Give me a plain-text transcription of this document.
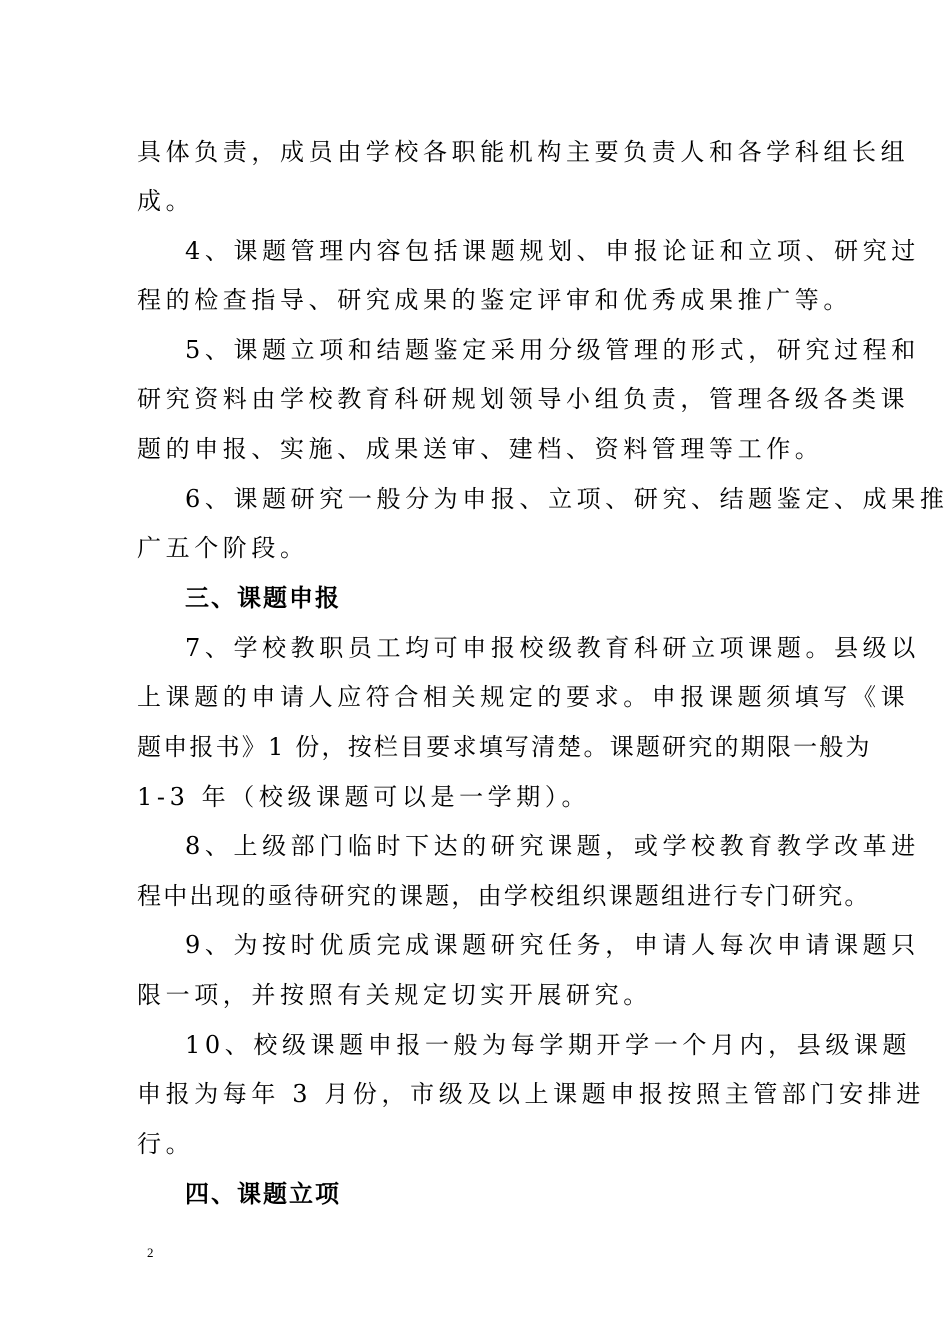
具体负责，成员由学校各职能机构主要负责人和各学科组长组
成。
4、课题管理内容包括课题规划、申报论证和立项、研究过
程的检查指导、研究成果的鉴定评审和优秀成果推广等。
5、课题立项和结题鉴定采用分级管理的形式，研究过程和
研究资料由学校教育科研规划领导小组负责，管理各级各类课
题的申报、实施、成果送审、建档、资料管理等工作。
6、课题研究一般分为申报、立项、研究、结题鉴定、成果推
广五个阶段。
三、课题申报
7、学校教职员工均可申报校级教育科研立项课题。县级以
上课题的申请人应符合相关规定的要求。申报课题须填写《课
题申报书》1 份，按栏目要求填写清楚。课题研究的期限一般为
1-3 年（校级课题可以是一学期）。
8、上级部门临时下达的研究课题，或学校教育教学改革进
程中出现的亟待研究的课题，由学校组织课题组进行专门研究。
9、为按时优质完成课题研究任务，申请人每次申请课题只
限一项，并按照有关规定切实开展研究。
10、校级课题申报一般为每学期开学一个月内，县级课题
申报为每年 3 月份，市级及以上课题申报按照主管部门安排进
行。
四、课题立项
2
